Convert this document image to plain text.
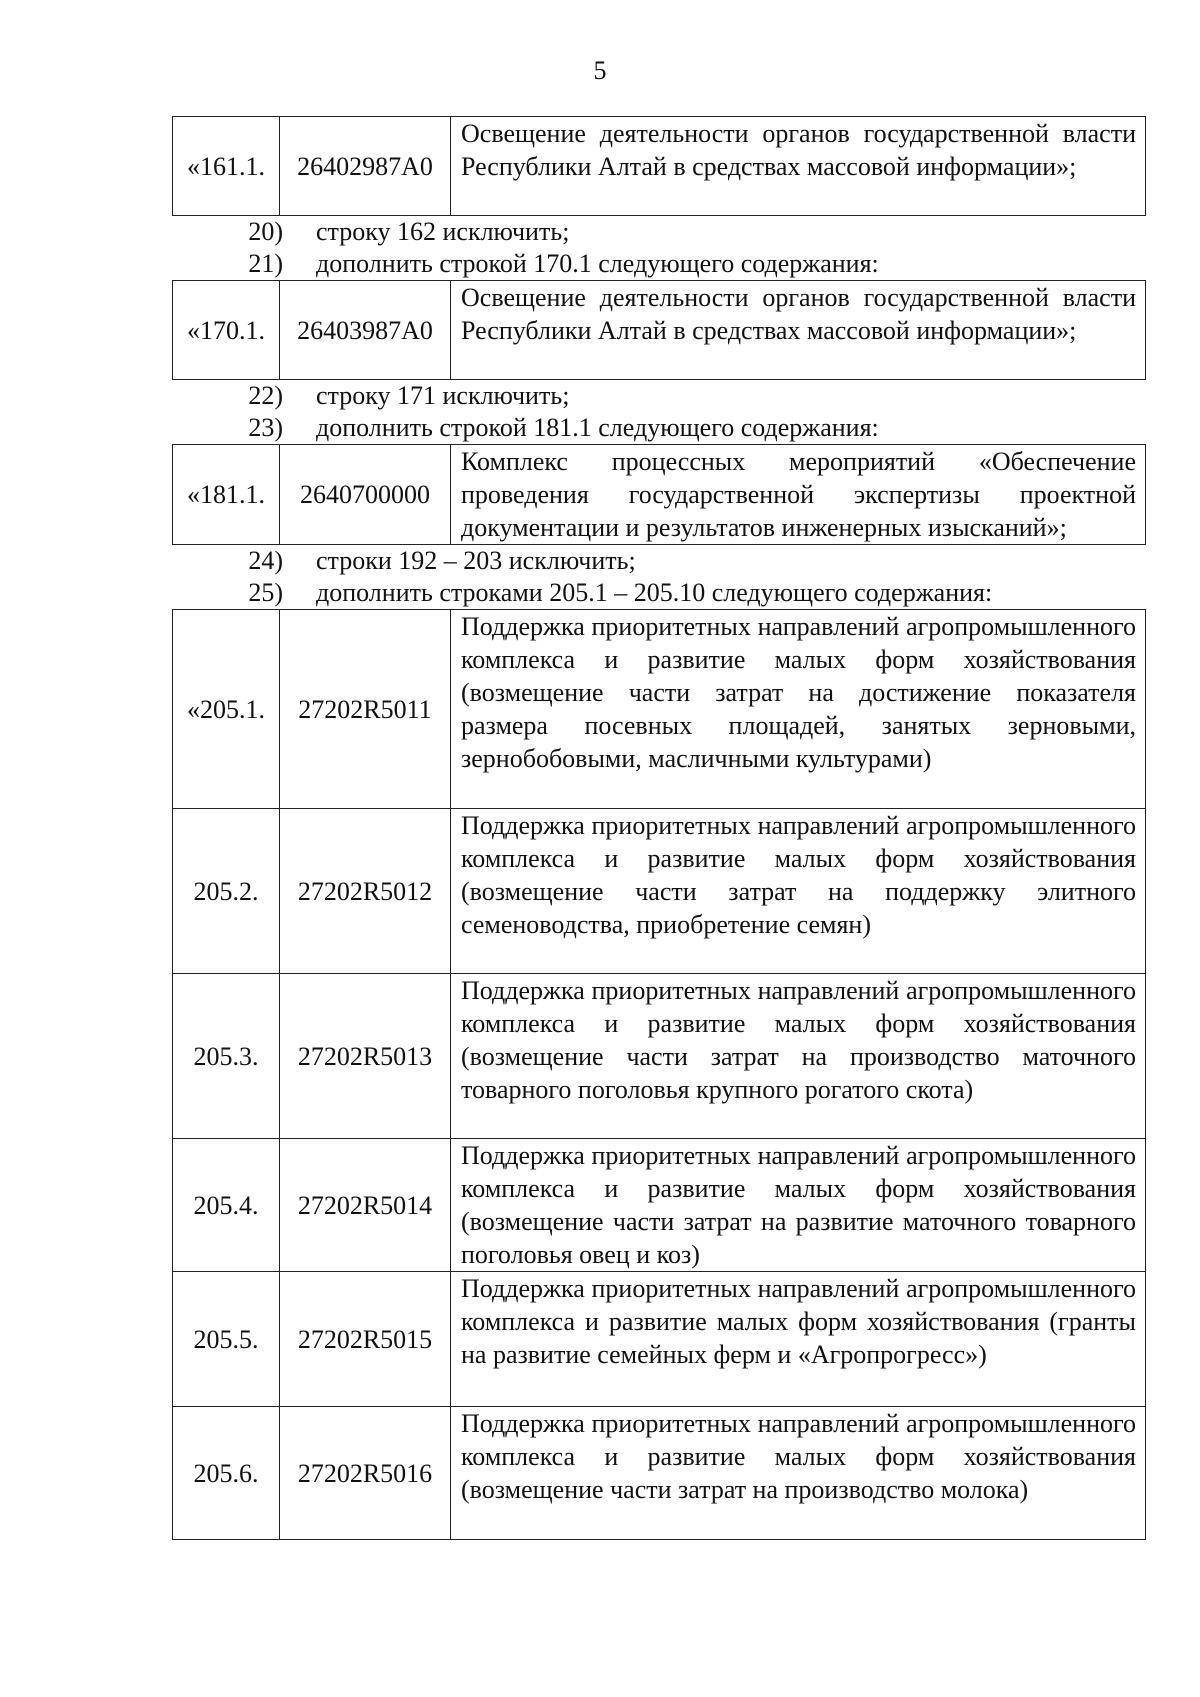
5
«161.1.	26402987А0	Освещение деятельности органов государственной власти Республики Алтай в средствах массовой информации»;
20) строку 162 исключить;
21) дополнить строкой 170.1 следующего содержания:
«170.1.	26403987А0	Освещение деятельности органов государственной власти Республики Алтай в средствах массовой информации»;
22) строку 171 исключить;
23) дополнить строкой 181.1 следующего содержания:
«181.1.	2640700000	Комплекс процессных мероприятий «Обеспечение проведения государственной экспертизы проектной документации и результатов инженерных изысканий»;
24) строки 192 – 203 исключить;
25) дополнить строками 205.1 – 205.10 следующего содержания:
«205.1.	27202R5011	Поддержка приоритетных направлений агропромышленного комплекса и развитие малых форм хозяйствования (возмещение части затрат на достижение показателя размера посевных площадей, занятых зерновыми, зернобобовыми, масличными культурами)
205.2.	27202R5012	Поддержка приоритетных направлений агропромышленного комплекса и развитие малых форм хозяйствования (возмещение части затрат на поддержку элитного семеноводства, приобретение семян)
205.3.	27202R5013	Поддержка приоритетных направлений агропромышленного комплекса и развитие малых форм хозяйствования (возмещение части затрат на производство маточного товарного поголовья крупного рогатого скота)
205.4.	27202R5014	Поддержка приоритетных направлений агропромышленного комплекса и развитие малых форм хозяйствования (возмещение части затрат на развитие маточного товарного поголовья овец и коз)
205.5.	27202R5015	Поддержка приоритетных направлений агропромышленного комплекса и развитие малых форм хозяйствования (гранты на развитие семейных ферм и «Агропрогресс»)
205.6.	27202R5016	Поддержка приоритетных направлений агропромышленного комплекса и развитие малых форм хозяйствования (возмещение части затрат на производство молока)
